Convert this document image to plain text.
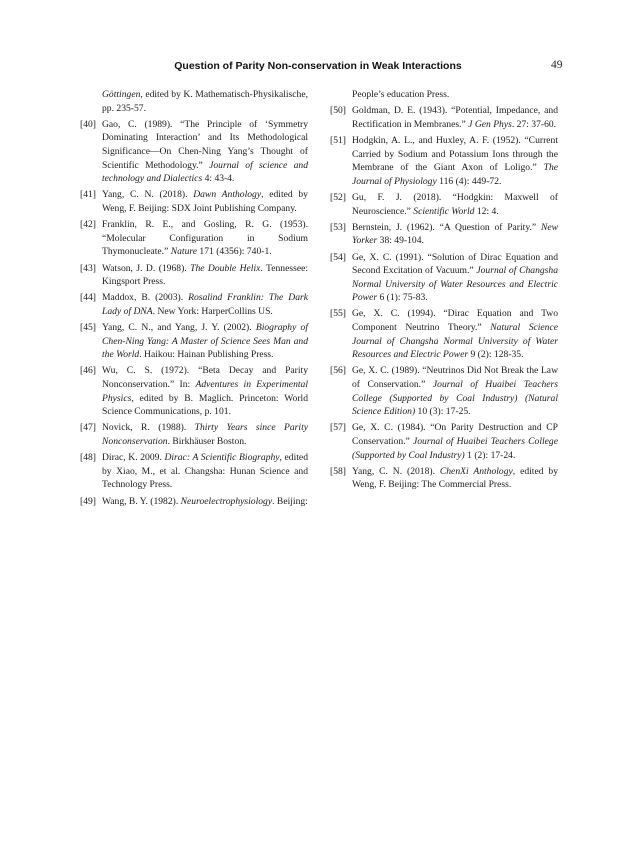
Question of Parity Non-conservation in Weak Interactions	49
Göttingen, edited by K. Mathematisch-Physikalische, pp. 235-57.
[40] Gao, C. (1989). “The Principle of ‘Symmetry Dominating Interaction’ and Its Methodological Significance—On Chen-Ning Yang’s Thought of Scientific Methodology.” Journal of science and technology and Dialectics 4: 43-4.
[41] Yang, C. N. (2018). Dawn Anthology, edited by Weng, F. Beijing: SDX Joint Publishing Company.
[42] Franklin, R. E., and Gosling, R. G. (1953). “Molecular Configuration in Sodium Thymonucleate.” Nature 171 (4356): 740-1.
[43] Watson, J. D. (1968). The Double Helix. Tennessee: Kingsport Press.
[44] Maddox, B. (2003). Rosalind Franklin: The Dark Lady of DNA. New York: HarperCollins US.
[45] Yang, C. N., and Yang, J. Y. (2002). Biography of Chen-Ning Yang: A Master of Science Sees Man and the World. Haikou: Hainan Publishing Press.
[46] Wu, C. S. (1972). “Beta Decay and Parity Nonconservation.” In: Adventures in Experimental Physics, edited by B. Maglich. Princeton: World Science Communications, p. 101.
[47] Novick, R. (1988). Thirty Years since Parity Nonconservation. Birkhäuser Boston.
[48] Dirac, K. 2009. Dirac: A Scientific Biography, edited by Xiao, M., et al. Changsha: Hunan Science and Technology Press.
[49] Wang, B. Y. (1982). Neuroelectrophysiology. Beijing:
People’s education Press.
[50] Goldman, D. E. (1943). “Potential, Impedance, and Rectification in Membranes.” J Gen Phys. 27: 37-60.
[51] Hodgkin, A. L., and Huxley, A. F. (1952). “Current Carried by Sodium and Potassium Ions through the Membrane of the Giant Axon of Loligo.” The Journal of Physiology 116 (4): 449-72.
[52] Gu, F. J. (2018). “Hodgkin: Maxwell of Neuroscience.” Scientific World 12: 4.
[53] Bernstein, J. (1962). “A Question of Parity.” New Yorker 38: 49-104.
[54] Ge, X. C. (1991). “Solution of Dirac Equation and Second Excitation of Vacuum.” Journal of Changsha Normal University of Water Resources and Electric Power 6 (1): 75-83.
[55] Ge, X. C. (1994). “Dirac Equation and Two Component Neutrino Theory.” Natural Science Journal of Changsha Normal University of Water Resources and Electric Power 9 (2): 128-35.
[56] Ge, X. C. (1989). “Neutrinos Did Not Break the Law of Conservation.” Journal of Huaibei Teachers College (Supported by Coal Industry) (Natural Science Edition) 10 (3): 17-25.
[57] Ge, X. C. (1984). “On Parity Destruction and CP Conservation.” Journal of Huaibei Teachers College (Supported by Coal Industry) 1 (2): 17-24.
[58] Yang, C. N. (2018). ChenXi Anthology, edited by Weng, F. Beijing: The Commercial Press.
